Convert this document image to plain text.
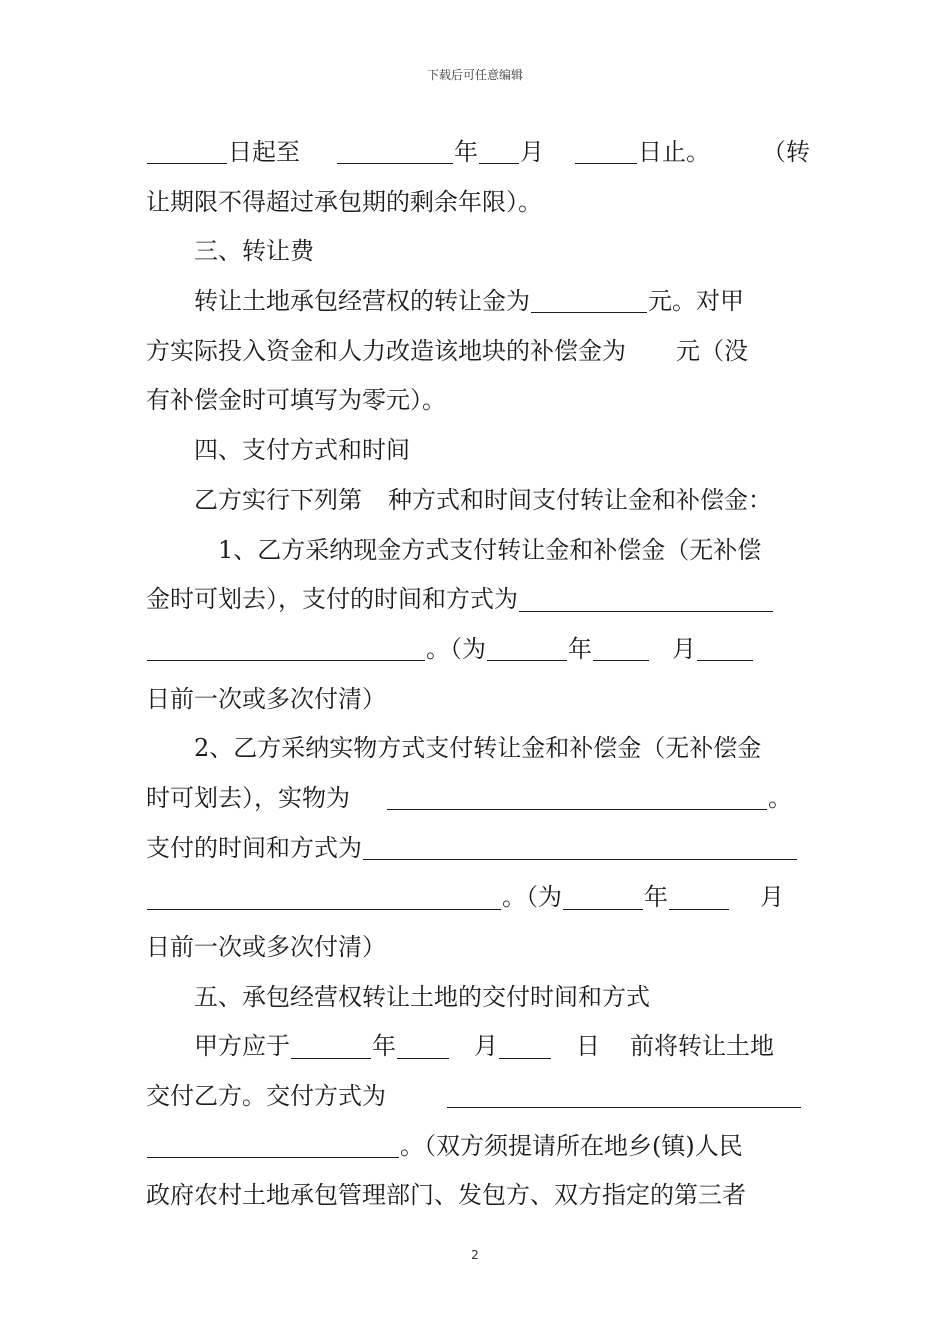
下载后可任意编辑
日起至	年 月	日止。 （转
让期限不得超过承包期的剩余年限）。
三、转让费
转让土地承包经营权的转让金为	元。对甲
方实际投入资金和人力改造该地块的补偿金为 元（没
有补偿金时可填写为零元）。
四、支付方式和时间
乙方实行下列第 种方式和时间支付转让金和补偿金：
1、乙方采纳现金方式支付转让金和补偿金（无补偿
金时可划去），支付的时间和方式为
。（为	年	月
日前一次或多次付清）
2、乙方采纳实物方式支付转让金和补偿金（无补偿金
时可划去），实物为	。
支付的时间和方式为
。（为	年	月
日前一次或多次付清）
五、承包经营权转让土地的交付时间和方式
甲方应于	年	月	日 前将转让土地
交付乙方。交付方式为
。（双方须提请所在地乡(镇)人民
政府农村土地承包管理部门、发包方、双方指定的第三者
2
